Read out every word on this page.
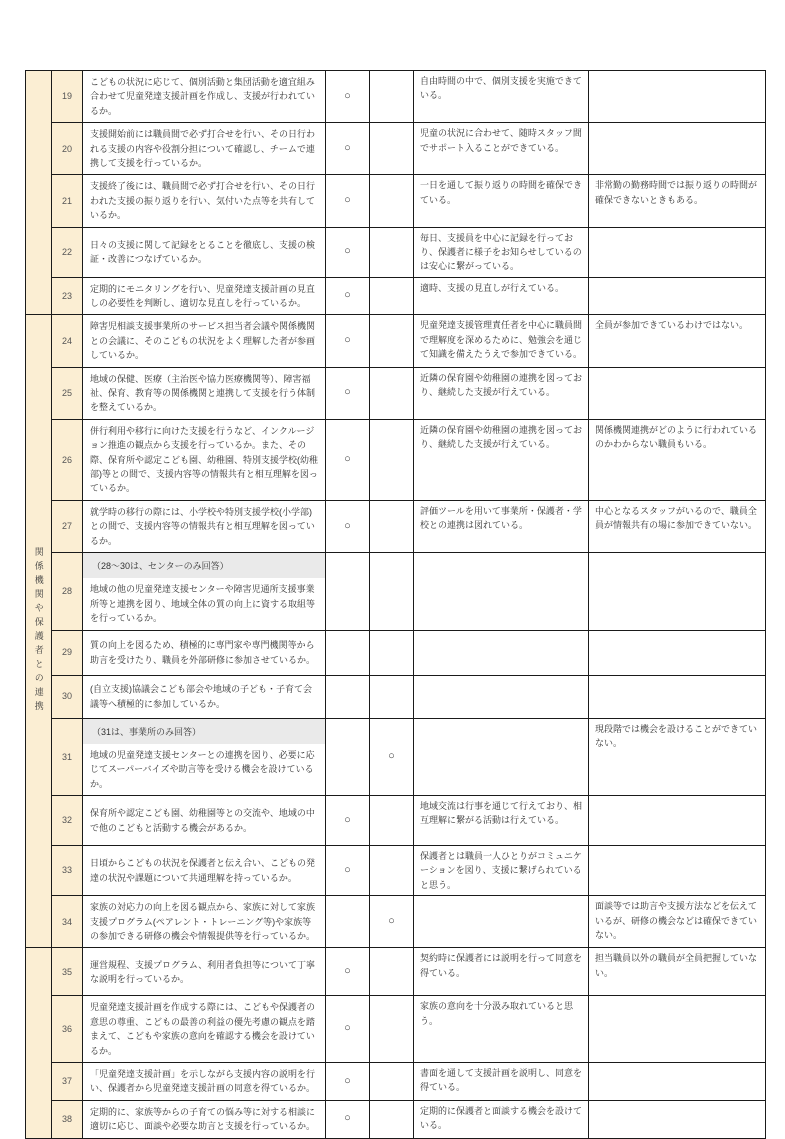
	19	こどもの状況に応じて、個別活動と集団活動を適宜組み合わせて児童発達支援計画を作成し、支援が行われているか。	○		自由時間の中で、個別支援を実施できている。	
	20	支援開始前には職員間で必ず打合せを行い、その日行われる支援の内容や役割分担について確認し、チームで連携して支援を行っているか。	○		児童の状況に合わせて、随時スタッフ間でサポート入ることができている。	
	21	支援終了後には、職員間で必ず打合せを行い、その日行われた支援の振り返りを行い、気付いた点等を共有しているか。	○		一日を通して振り返りの時間を確保できている。	非常勤の勤務時間では振り返りの時間が確保できないときもある。
	22	日々の支援に関して記録をとることを徹底し、支援の検証・改善につなげているか。	○		毎日、支援員を中心に記録を行っており、保護者に様子をお知らせしているのは安心に繋がっている。	
	23	定期的にモニタリングを行い、児童発達支援計画の見直しの必要性を判断し、適切な見直しを行っているか。	○		適時、支援の見直しが行えている。	

関係機関や保護者との連携	24	障害児相談支援事業所のサービス担当者会議や関係機関との会議に、そのこどもの状況をよく理解した者が参画しているか。	○		児童発達支援管理責任者を中心に職員間で理解度を深めるために、勉強会を通じて知識を備えたうえで参加できている。	全員が参加できているわけではない。
	25	地域の保健、医療（主治医や協力医療機関等）、障害福祉、保育、教育等の関係機関と連携して支援を行う体制を整えているか。	○		近隣の保育園や幼稚園の連携を図っており、継続した支援が行えている。	
	26	併行利用や移行に向けた支援を行うなど、インクルージョン推進の観点から支援を行っているか。また、その際、保育所や認定こども園、幼稚園、特別支援学校(幼稚部)等との間で、支援内容等の情報共有と相互理解を図っているか。	○		近隣の保育園や幼稚園の連携を図っており、継続した支援が行えている。	関係機関連携がどのように行われているのかわからない職員もいる。
	27	就学時の移行の際には、小学校や特別支援学校(小学部)との間で、支援内容等の情報共有と相互理解を図っているか。	○		評価ツールを用いて事業所・保護者・学校との連携は図れている。	中心となるスタッフがいるので、職員全員が情報共有の場に参加できていない。
	28	（28～30は、センターのみ回答）
地域の他の児童発達支援センターや障害児通所支援事業所等と連携を図り、地域全体の質の向上に資する取組等を行っているか。				

	29	質の向上を図るため、積極的に専門家や専門機関等から助言を受けたり、職員を外部研修に参加させているか。				

	30	(自立支援)協議会こども部会や地域の子ども・子育て会議等へ積極的に参加しているか。				

	31	（31は、事業所のみ回答）
地域の児童発達支援センターとの連携を図り、必要に応じてスーパーバイズや助言等を受ける機会を設けているか。		○		現段階では機会を設けることができていない。
	32	保育所や認定こども園、幼稚園等との交流や、地域の中で他のこどもと活動する機会があるか。	○		地域交流は行事を通じて行えており、相互理解に繋がる活動は行えている。	
	33	日頃からこどもの状況を保護者と伝え合い、こどもの発達の状況や課題について共通理解を持っているか。	○		保護者とは職員一人ひとりがコミュニケーションを図り、支援に繋げられていると思う。	
	34	家族の対応力の向上を図る観点から、家族に対して家族支援プログラム(ペアレント・トレーニング等)や家族等の参加できる研修の機会や情報提供等を行っているか。		○		面談等では助言や支援方法などを伝えているが、研修の機会などは確保できていない。

	35	運営規程、支援プログラム、利用者負担等について丁寧な説明を行っているか。	○		契約時に保護者には説明を行って同意を得ている。	担当職員以外の職員が全員把握していない。
	36	児童発達支援計画を作成する際には、こどもや保護者の意思の尊重、こどもの最善の利益の優先考慮の観点を踏まえて、こどもや家族の意向を確認する機会を設けているか。	○		家族の意向を十分汲み取れていると思う。	
	37	「児童発達支援計画」を示しながら支援内容の説明を行い、保護者から児童発達支援計画の同意を得ているか。	○		書面を通して支援計画を説明し、同意を得ている。	
	38	定期的に、家族等からの子育ての悩み等に対する相談に適切に応じ、面談や必要な助言と支援を行っているか。	○		定期的に保護者と面談する機会を設けている。	
